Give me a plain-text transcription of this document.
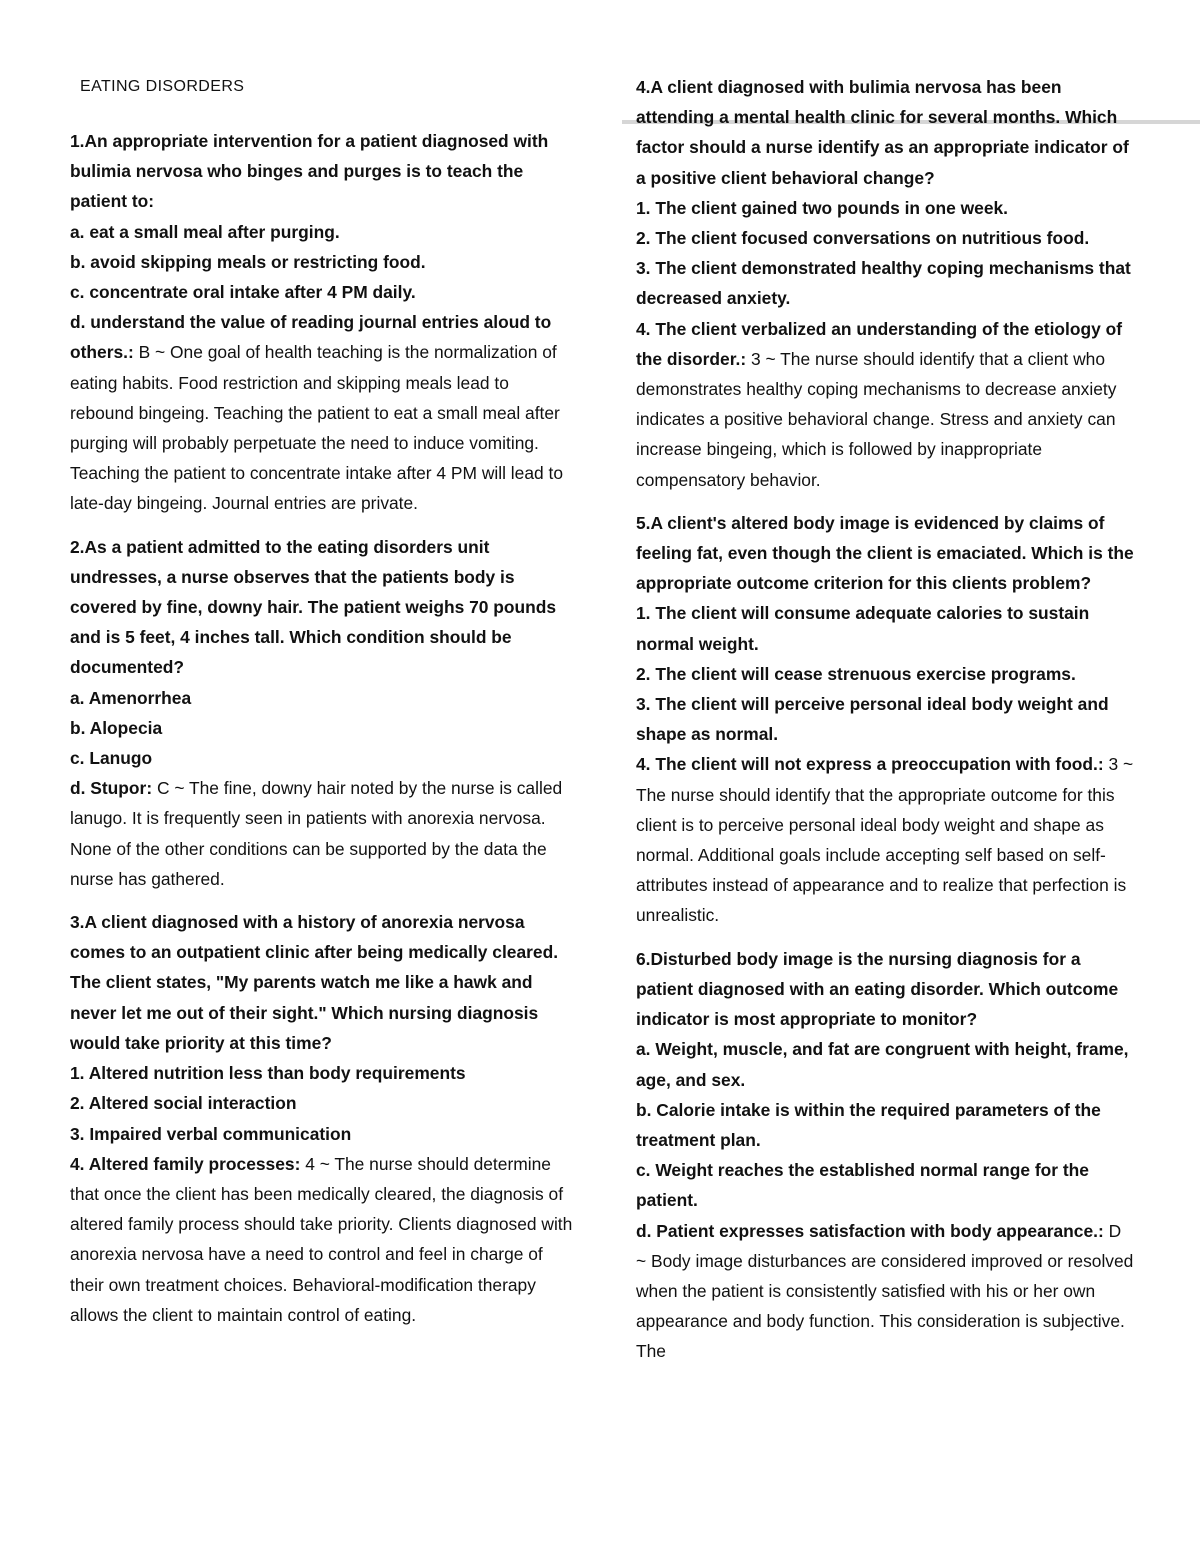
EATING DISORDERS
1.An appropriate intervention for a patient diagnosed with bulimia nervosa who binges and purges is to teach the patient to:
a. eat a small meal after purging.
b. avoid skipping meals or restricting food.
c. concentrate oral intake after 4 PM daily.
d. understand the value of reading journal entries aloud to others.: B ~ One goal of health teaching is the normalization of eating habits. Food restriction and skipping meals lead to rebound bingeing. Teaching the patient to eat a small meal after purging will probably perpetuate the need to induce vomiting. Teaching the patient to concentrate intake after 4 PM will lead to late-day bingeing. Journal entries are private.
2.As a patient admitted to the eating disorders unit undresses, a nurse observes that the patients body is covered by fine, downy hair. The patient weighs 70 pounds and is 5 feet, 4 inches tall. Which condition should be documented?
a. Amenorrhea
b. Alopecia
c. Lanugo
d. Stupor: C ~ The fine, downy hair noted by the nurse is called lanugo. It is frequently seen in patients with anorexia nervosa. None of the other conditions can be supported by the data the nurse has gathered.
3.A client diagnosed with a history of anorexia nervosa comes to an outpatient clinic after being medically cleared. The client states, "My parents watch me like a hawk and never let me out of their sight." Which nursing diagnosis would take priority at this time?
1. Altered nutrition less than body requirements
2. Altered social interaction
3. Impaired verbal communication
4. Altered family processes: 4 ~ The nurse should determine that once the client has been medically cleared, the diagnosis of altered family process should take priority. Clients diagnosed with anorexia nervosa have a need to control and feel in charge of their own treatment choices. Behavioral-modification therapy allows the client to maintain control of eating.
4.A client diagnosed with bulimia nervosa has been attending a mental health clinic for several months. Which factor should a nurse identify as an appropriate indicator of a positive client behavioral change?
1. The client gained two pounds in one week.
2. The client focused conversations on nutritious food.
3. The client demonstrated healthy coping mechanisms that decreased anxiety.
4. The client verbalized an understanding of the etiology of the disorder.: 3 ~ The nurse should identify that a client who demonstrates healthy coping mechanisms to decrease anxiety indicates a positive behavioral change. Stress and anxiety can increase bingeing, which is followed by inappropriate compensatory behavior.
5.A client's altered body image is evidenced by claims of feeling fat, even though the client is emaciated. Which is the appropriate outcome criterion for this clients problem?
1. The client will consume adequate calories to sustain normal weight.
2. The client will cease strenuous exercise programs.
3. The client will perceive personal ideal body weight and shape as normal.
4. The client will not express a preoccupation with food.: 3 ~ The nurse should identify that the appropriate outcome for this client is to perceive personal ideal body weight and shape as normal. Additional goals include accepting self based on self-attributes instead of appearance and to realize that perfection is unrealistic.
6.Disturbed body image is the nursing diagnosis for a patient diagnosed with an eating disorder. Which outcome indicator is most appropriate to monitor?
a. Weight, muscle, and fat are congruent with height, frame, age, and sex.
b. Calorie intake is within the required parameters of the treatment plan.
c. Weight reaches the established normal range for the patient.
d. Patient expresses satisfaction with body appearance.: D ~ Body image disturbances are considered improved or resolved when the patient is consistently satisfied with his or her own appearance and body function. This consideration is subjective. The
